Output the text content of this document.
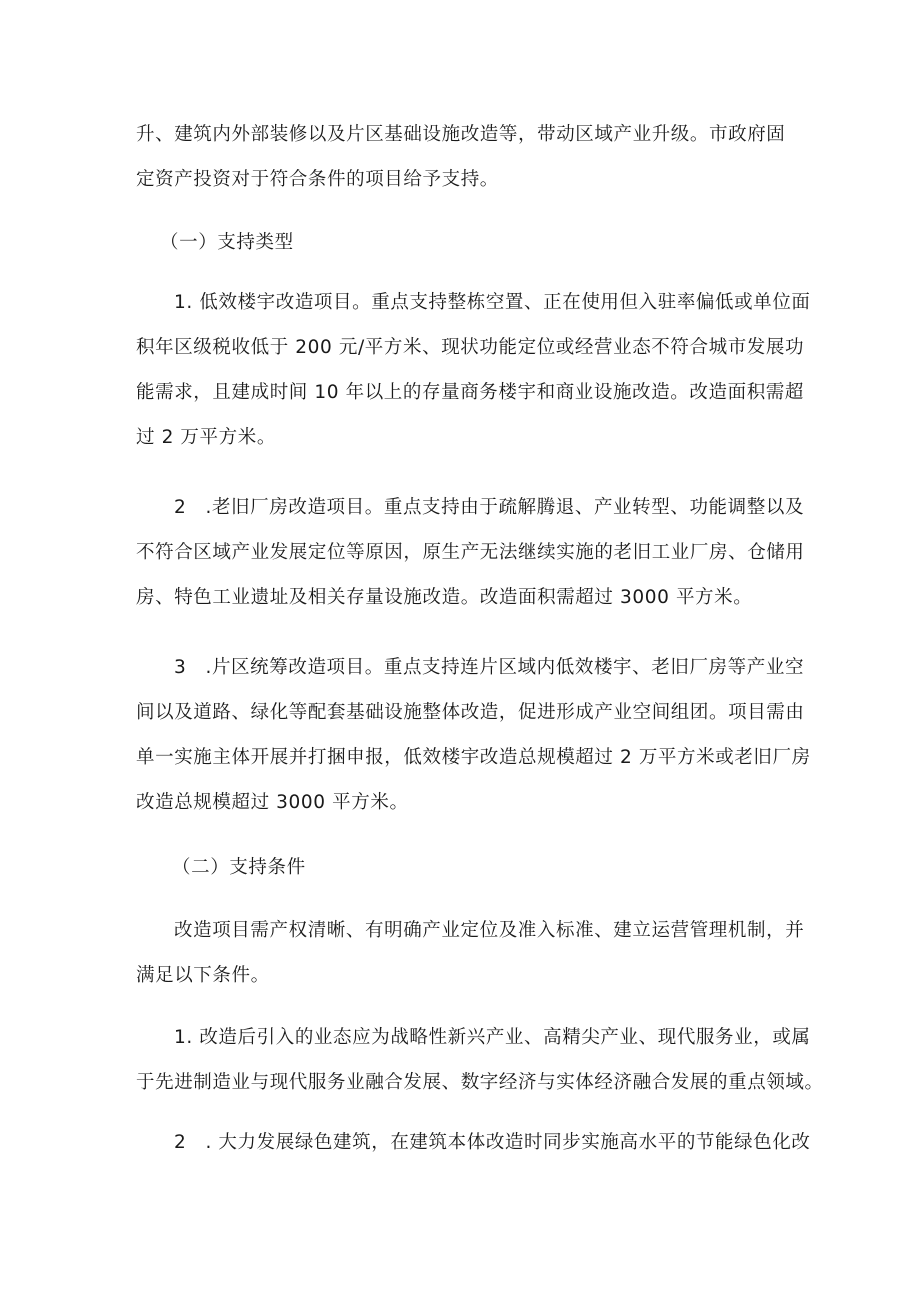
升、建筑内外部装修以及片区基础设施改造等，带动区域产业升级。市政府固
定资产投资对于符合条件的项目给予支持。

（一）支持类型

1. 低效楼宇改造项目。重点支持整栋空置、正在使用但入驻率偏低或单位面
积年区级税收低于 200 元/平方米、现状功能定位或经营业态不符合城市发展功
能需求，且建成时间 10 年以上的存量商务楼宇和商业设施改造。改造面积需超
过 2 万平方米。

2　.老旧厂房改造项目。重点支持由于疏解腾退、产业转型、功能调整以及
不符合区域产业发展定位等原因，原生产无法继续实施的老旧工业厂房、仓储用
房、特色工业遗址及相关存量设施改造。改造面积需超过 3000 平方米。

3　.片区统筹改造项目。重点支持连片区域内低效楼宇、老旧厂房等产业空
间以及道路、绿化等配套基础设施整体改造，促进形成产业空间组团。项目需由
单一实施主体开展并打捆申报，低效楼宇改造总规模超过 2 万平方米或老旧厂房
改造总规模超过 3000 平方米。

（二）支持条件

改造项目需产权清晰、有明确产业定位及准入标准、建立运营管理机制，并
满足以下条件。

1. 改造后引入的业态应为战略性新兴产业、高精尖产业、现代服务业，或属
于先进制造业与现代服务业融合发展、数字经济与实体经济融合发展的重点领域。

2　. 大力发展绿色建筑，在建筑本体改造时同步实施高水平的节能绿色化改
